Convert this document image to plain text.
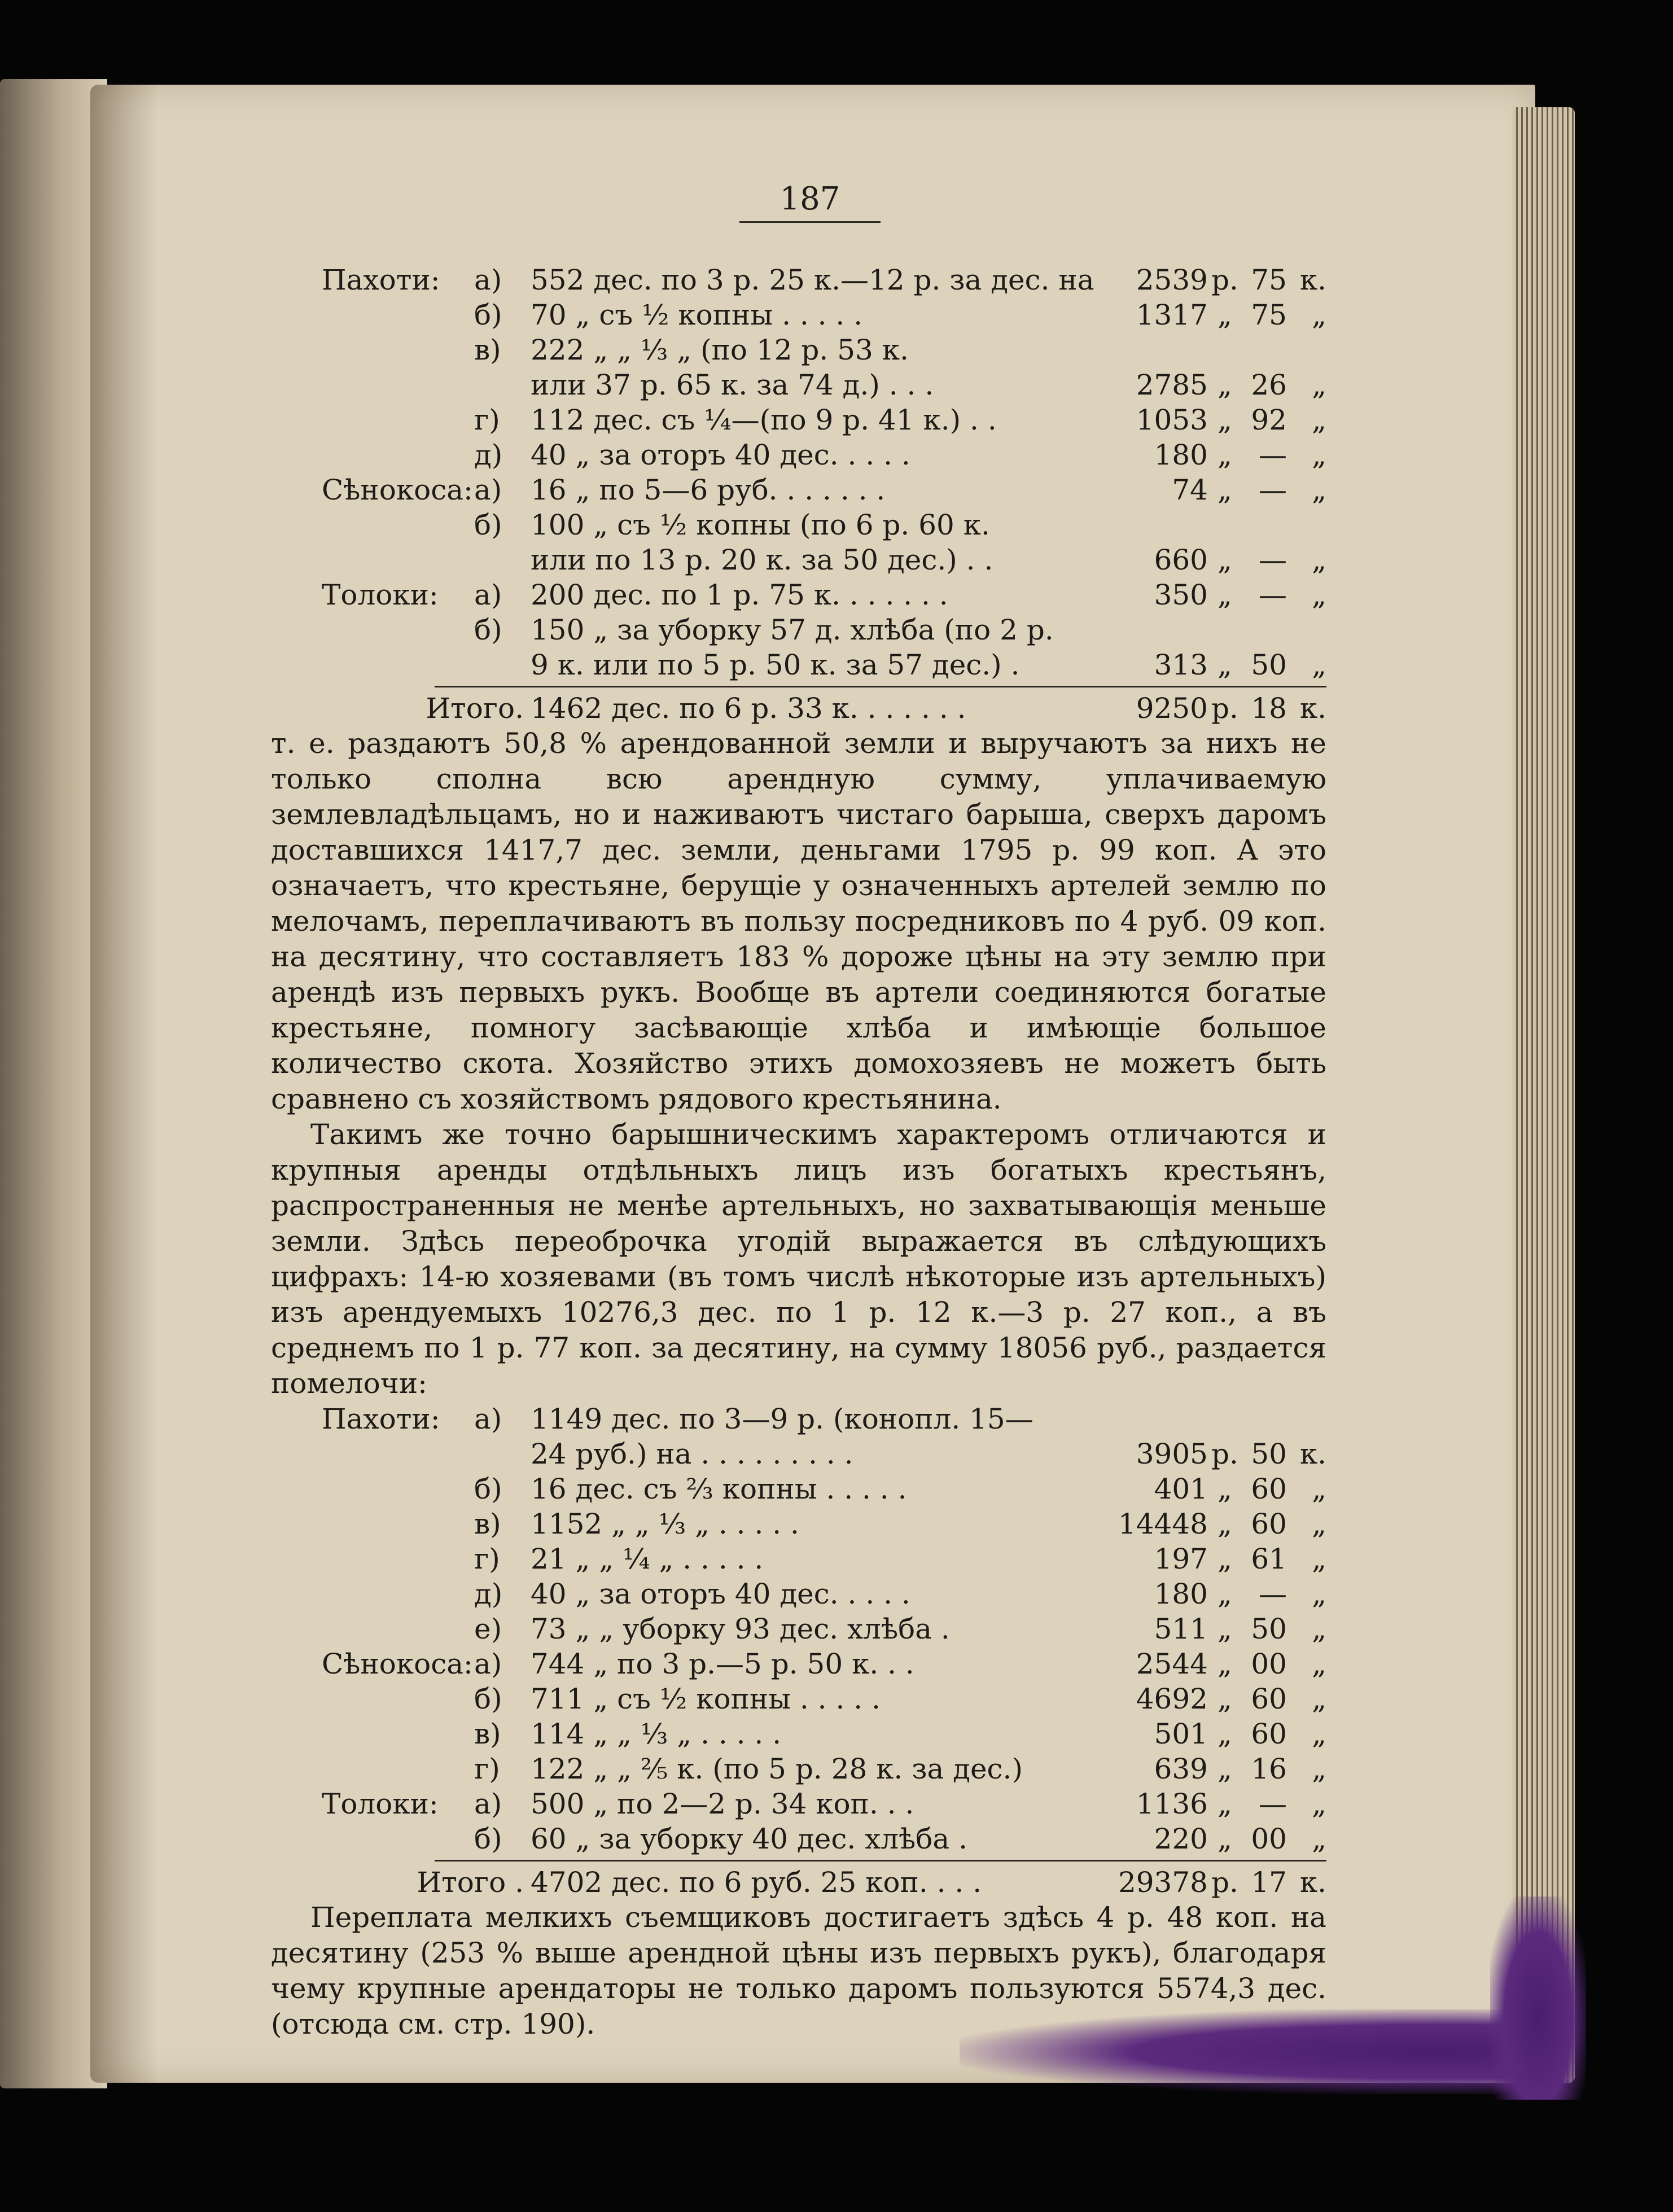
187
Пахоти:	а)	552 дес. по 3 р. 25 к.—12 р. за дес. на	2539 р. 75 к.
б)	70 „ съ ½ копны . . . . .	1317 „ 75 „
в)	222 „ „ ⅓ „ (по 12 р. 53 к.
или 37 р. 65 к. за 74 д.) . . .	2785 „ 26 „
г)	112 дес. съ ¼—(по 9 р. 41 к.) . .	1053 „ 92 „
д) 40 „ за оторъ 40 дес. . . . .	180 „ — „
Сѣнокоса: а)	16 „ по 5—6 руб. . . . . . .	74 „ — „
б)	100 „ съ ½ копны (по 6 р. 60 к.
или по 13 р. 20 к. за 50 дес.) . .	660 „ — „
Толоки:	а)	200 дес. по 1 р. 75 к. . . . . . .	350 „ — „
б)	150 „ за уборку 57 д. хлѣба (по 2 р.
9 к. или по 5 р. 50 к. за 57 дес.) .	313 „ 50 „
Итого. 1462 дес. по 6 р. 33 к. . . . . . .	9250 р. 18 к.

т. е. раздаютъ 50,8 % арендованной земли и выручаютъ за нихъ не только сполна всю арендную сумму, уплачиваемую землевладѣльцамъ, но и наживаютъ чистаго барыша, сверхъ даромъ доставшихся 1417,7 дес. земли, деньгами 1795 р. 99 коп. А это означаетъ, что крестьяне, берущіе у означенныхъ артелей землю по мелочамъ, переплачиваютъ въ пользу посредниковъ по 4 руб. 09 коп. на десятину, что составляетъ 183 % дороже цѣны на эту землю при арендѣ изъ первыхъ рукъ. Вообще въ артели соединяются богатые крестьяне, помногу засѣвающіе хлѣба и имѣющіе большое количество скота. Хозяйство этихъ домохозяевъ не можетъ быть сравнено съ хозяйствомъ рядового крестьянина.

Такимъ же точно барышническимъ характеромъ отличаются и крупныя аренды отдѣльныхъ лицъ изъ богатыхъ крестьянъ, распространенныя не менѣе артельныхъ, но захватывающія меньше земли. Здѣсь переоброчка угодій выражается въ слѣдующихъ цифрахъ: 14-ю хозяевами (въ томъ числѣ нѣкоторые изъ артельныхъ) изъ арендуемыхъ 10276,3 дес. по 1 р. 12 к.—3 р. 27 коп., а въ среднемъ по 1 р. 77 коп. за десятину, на сумму 18056 руб., раздается помелочи:

Пахоти:	а)	1149 дес. по 3—9 р. (конопл. 15—
24 руб.) на . . . . . . . . .	3905 р. 50 к.
б)	16 дес. съ ⅔ копны . . . . .	401 „ 60 „
в)	1152 „ „ ⅓ „ . . . . .	14448 „ 60 „
г)	21 „ „ ¼ „ . . . . .	197 „ 61 „
д) 40 „ за оторъ 40 дес. . . . .	180 „ — „
е)	73 „ „ уборку 93 дес. хлѣба .	511 „ 50 „
Сѣнокоса: а)	744 „ по 3 р.—5 р. 50 к. . .	2544 „ 00 „
б)	711 „ съ ½ копны . . . . .	4692 „ 60 „
в)	114 „ „ ⅓ „ . . . . .	501 „ 60 „
г)	122 „ „ ⅖ к. (по 5 р. 28 к. за дес.)	639 „ 16 „
Толоки:	а)	500 „ по 2—2 р. 34 коп. . .	1136 „ — „
б)	60 „ за уборку 40 дес. хлѣба .	220 „ 00 „
Итого . 4702 дес. по 6 руб. 25 коп. . . .	29378 р. 17 к.

Переплата мелкихъ съемщиковъ достигаетъ здѣсь 4 р. 48 коп. на десятину (253 % выше арендной цѣны изъ первыхъ рукъ), благодаря чему крупные арендаторы не только даромъ пользуются 5574,3 дес. (отсюда см. стр. 190).
